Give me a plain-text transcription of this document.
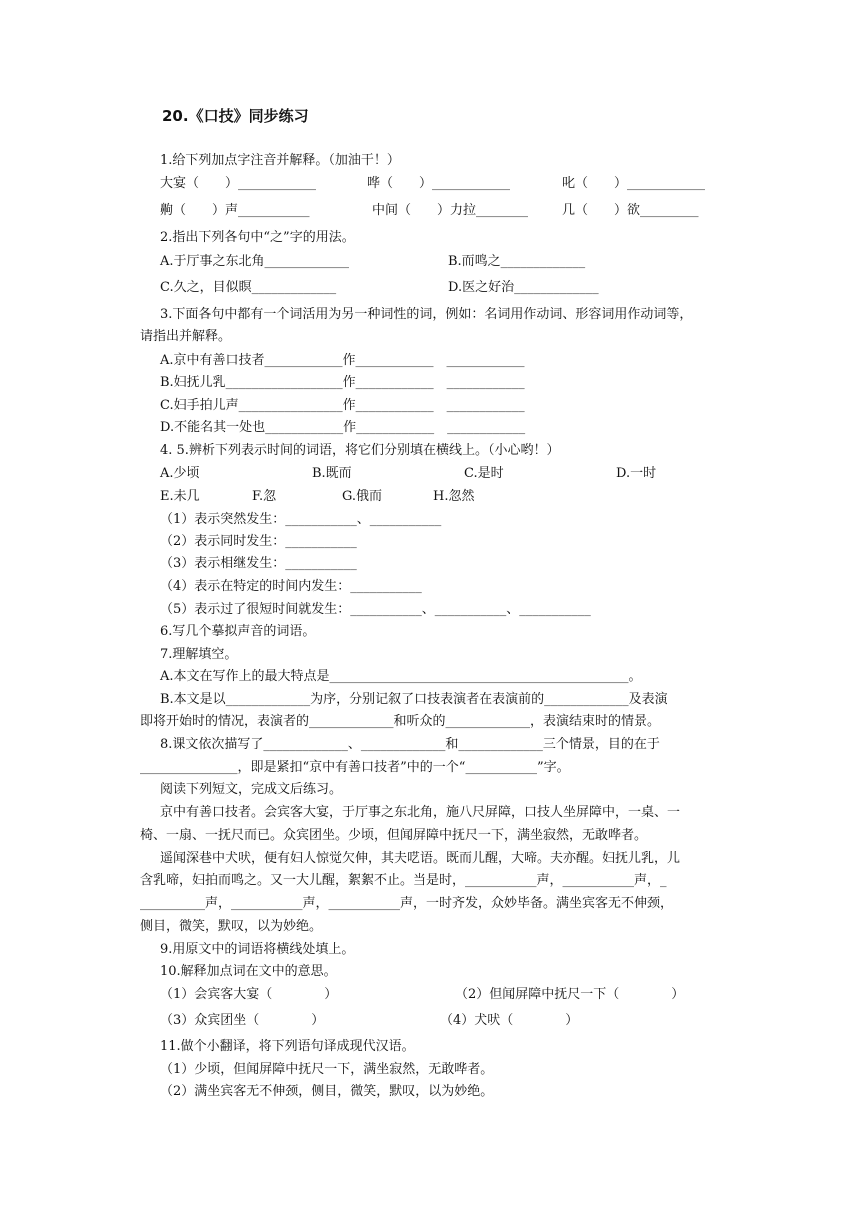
20.《口技》同步练习
1.给下列加点字注音并解释。（加油干！）
大宴（　　）____________	哗（　　）____________	叱（　　）____________
齁（　　）声___________	中间（　　）力拉________	几（　　）欲_________
2.指出下列各句中“之”字的用法。
A.于厅事之东北角_____________	B.而鸣之_____________
C.久之，目似瞑_____________	D.医之好治_____________
3.下面各句中都有一个词活用为另一种词性的词，例如：名词用作动词、形容词用作动词等，
请指出并解释。
A.京中有善口技者____________作____________　____________
B.妇抚儿乳__________________作____________　____________
C.妇手拍儿声________________作____________　____________
D.不能名其一处也____________作____________　____________
4. 5.辨析下列表示时间的词语，将它们分别填在横线上。（小心哟！）
A.少顷	B.既而	C.是时	D.一时
E.未几	F.忽	G.俄而	H.忽然
（1）表示突然发生：___________、___________
（2）表示同时发生：___________
（3）表示相继发生：___________
（4）表示在特定的时间内发生：___________
（5）表示过了很短时间就发生：___________、___________、___________
6.写几个摹拟声音的词语。
7.理解填空。
A.本文在写作上的最大特点是______________________________________________。
B.本文是以_____________为序，分别记叙了口技表演者在表演前的_____________及表演
即将开始时的情况，表演者的_____________和听众的_____________，表演结束时的情景。
8.课文依次描写了_____________、_____________和_____________三个情景，目的在于
_______________，即是紧扣“京中有善口技者”中的一个“___________”字。
阅读下列短文，完成文后练习。
京中有善口技者。会宾客大宴，于厅事之东北角，施八尺屏障，口技人坐屏障中，一桌、一
椅、一扇、一抚尺而已。众宾团坐。少顷，但闻屏障中抚尺一下，满坐寂然，无敢哗者。
遥闻深巷中犬吠，便有妇人惊觉欠伸，其夫呓语。既而儿醒，大啼。夫亦醒。妇抚儿乳，儿
含乳啼，妇拍而鸣之。又一大儿醒，絮絮不止。当是时，___________声，___________声，_
__________声，___________声，___________声，一时齐发，众妙毕备。满坐宾客无不伸颈，
侧目，微笑，默叹，以为妙绝。
9.用原文中的词语将横线处填上。
10.解释加点词在文中的意思。
（1）会宾客大宴（　　　　）	（2）但闻屏障中抚尺一下（　　　　）
（3）众宾团坐（　　　　）	（4）犬吠（　　　　）
11.做个小翻译，将下列语句译成现代汉语。
（1）少顷，但闻屏障中抚尺一下，满坐寂然，无敢哗者。
（2）满坐宾客无不伸颈，侧目，微笑，默叹，以为妙绝。
